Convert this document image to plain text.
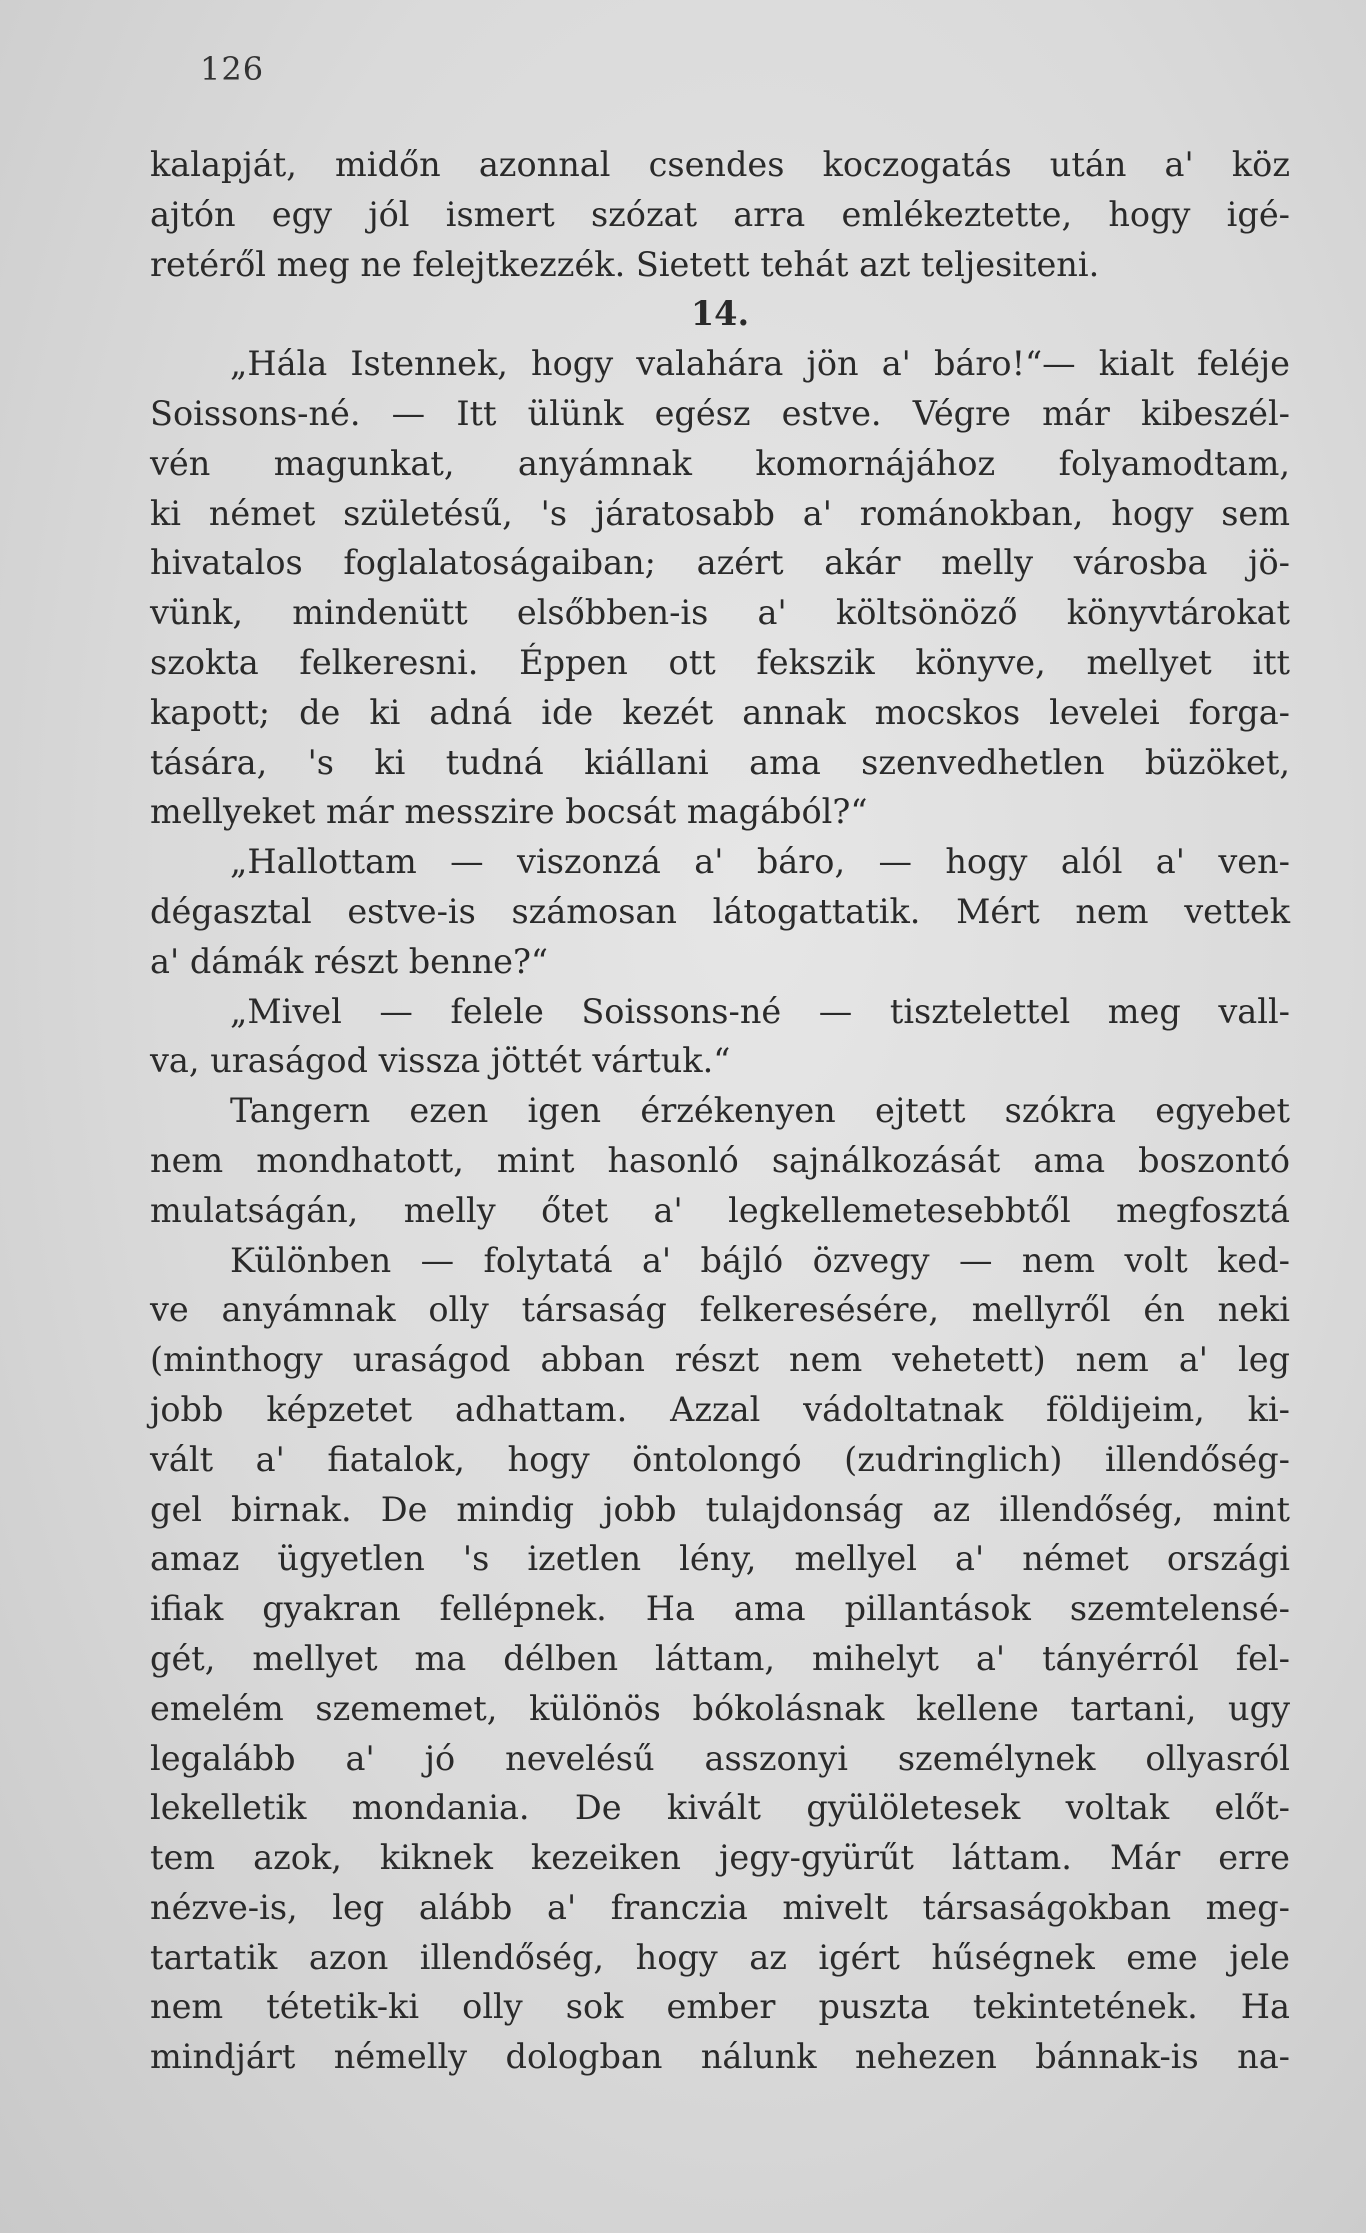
126
kalapját, midőn azonnal csendes koczogatás után a' köz
ajtón egy jól ismert szózat arra emlékeztette, hogy igé-
retéről meg ne felejtkezzék. Sietett tehát azt teljesiteni.
14.
„Hála Istennek, hogy valahára jön a' báro!“— kialt feléje
Soissons-né. — Itt ülünk egész estve. Végre már kibeszél-
vén magunkat, anyámnak komornájához folyamodtam,
ki német születésű, 's járatosabb a' románokban, hogy sem
hivatalos foglalatoságaiban; azért akár melly városba jö-
vünk, mindenütt elsőbben-is a' költsönöző könyvtárokat
szokta felkeresni. Éppen ott fekszik könyve, mellyet itt
kapott; de ki adná ide kezét annak mocskos levelei forga-
tására, 's ki tudná kiállani ama szenvedhetlen büzöket,
mellyeket már messzire bocsát magából?“
„Hallottam — viszonzá a' báro, — hogy alól a' ven-
dégasztal estve-is számosan látogattatik. Mért nem vettek
a' dámák részt benne?“
„Mivel — felele Soissons-né — tisztelettel meg vall-
va, uraságod vissza jöttét vártuk.“
Tangern ezen igen érzékenyen ejtett szókra egyebet
nem mondhatott, mint hasonló sajnálkozását ama boszontó
mulatságán, melly őtet a' legkellemetesebbtől megfosztá
Különben — folytatá a' bájló özvegy — nem volt ked-
ve anyámnak olly társaság felkeresésére, mellyről én neki
(minthogy uraságod abban részt nem vehetett) nem a' leg
jobb képzetet adhattam. Azzal vádoltatnak földijeim, ki-
vált a' fiatalok, hogy öntolongó (zudringlich) illendőség-
gel birnak. De mindig jobb tulajdonság az illendőség, mint
amaz ügyetlen 's izetlen lény, mellyel a' német országi
ifiak gyakran fellépnek. Ha ama pillantások szemtelensé-
gét, mellyet ma délben láttam, mihelyt a' tányérról fel-
emelém szememet, különös bókolásnak kellene tartani, ugy
legalább a' jó nevelésű asszonyi személynek ollyasról
lekelletik mondania. De kivált gyülöletesek voltak előt-
tem azok, kiknek kezeiken jegy-gyürűt láttam. Már erre
nézve-is, leg alább a' franczia mivelt társaságokban meg-
tartatik azon illendőség, hogy az igért hűségnek eme jele
nem tétetik-ki olly sok ember puszta tekintetének. Ha
mindjárt némelly dologban nálunk nehezen bánnak-is na-
